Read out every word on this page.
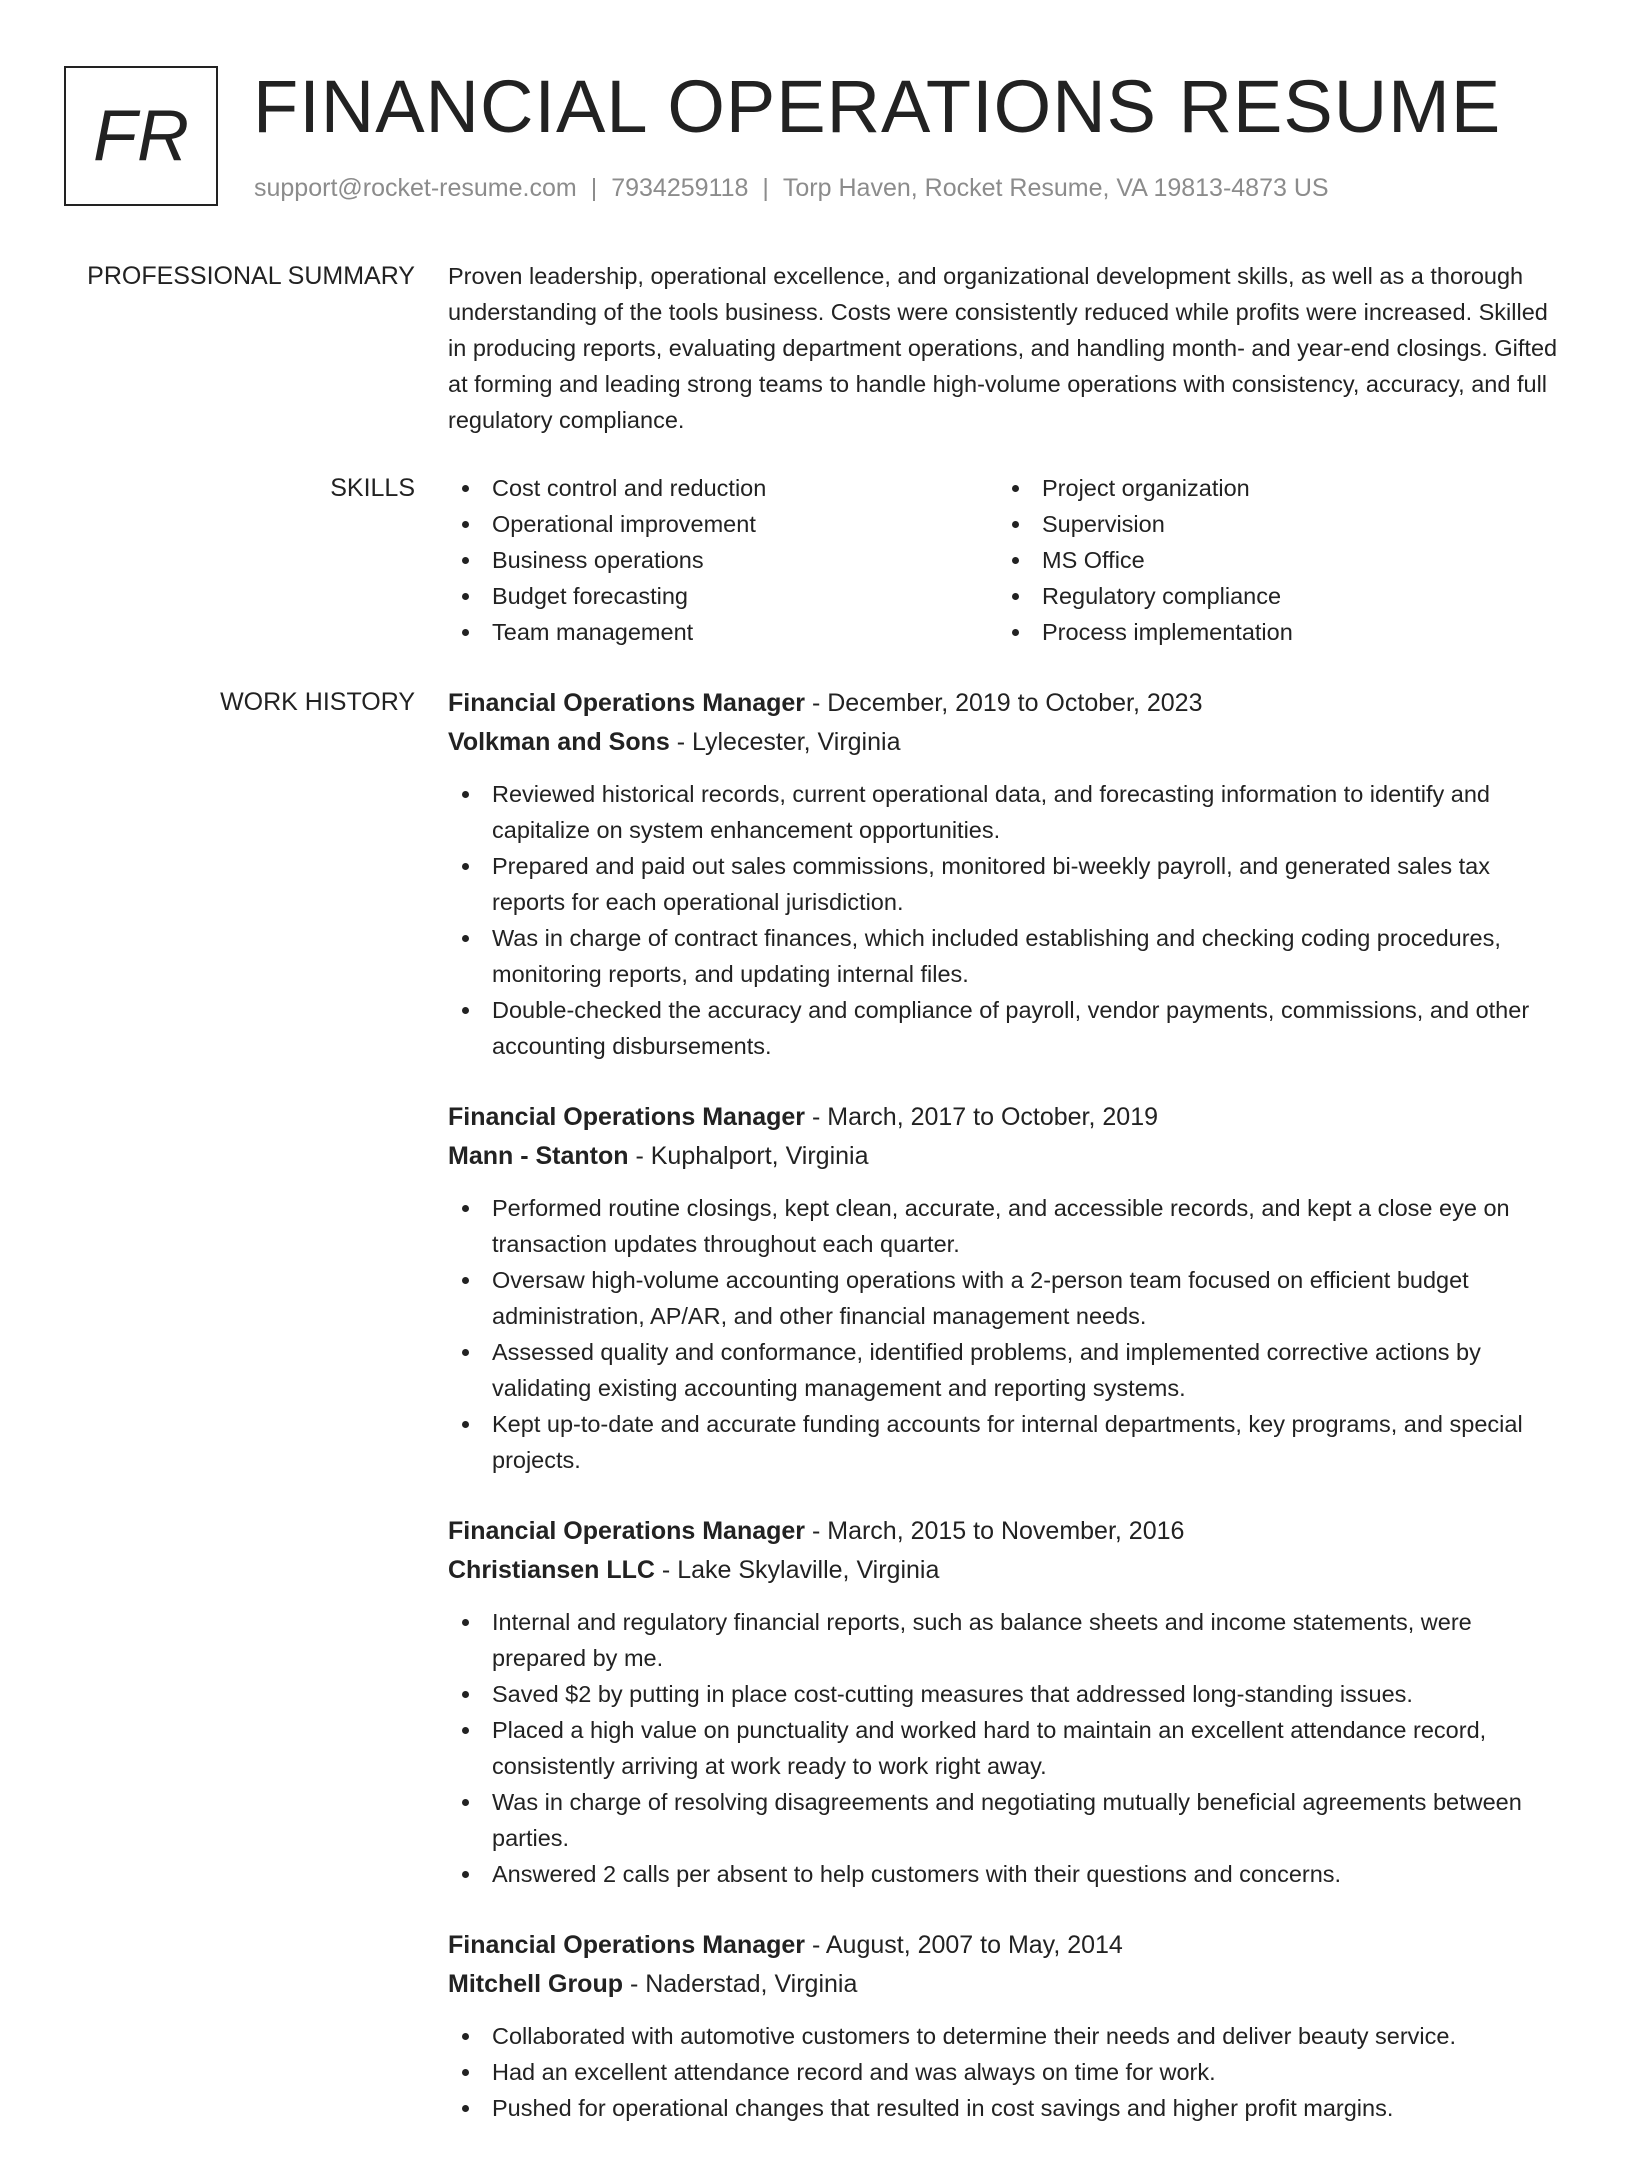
FR FINANCIAL OPERATIONS RESUME
support@rocket-resume.com | 7934259118 | Torp Haven, Rocket Resume, VA 19813-4873 US
PROFESSIONAL SUMMARY Proven leadership, operational excellence, and organizational development skills, as well as a thorough understanding of the tools business. Costs were consistently reduced while profits were increased. Skilled in producing reports, evaluating department operations, and handling month- and year-end closings. Gifted at forming and leading strong teams to handle high-volume operations with consistency, accuracy, and full regulatory compliance.

SKILLS	Cost control and reduction
Operational improvement
Business operations
Budget forecasting
Team management
Project organization
Supervision
MS Office
Regulatory compliance
Process implementation
WORK HISTORY Financial Operations Manager - December, 2019 to October, 2023
Volkman and Sons - Lylecester, Virginia
Reviewed historical records, current operational data, and forecasting information to identify and capitalize on system enhancement opportunities.
Prepared and paid out sales commissions, monitored bi-weekly payroll, and generated sales tax reports for each operational jurisdiction.
Was in charge of contract finances, which included establishing and checking coding procedures, monitoring reports, and updating internal files.
Double-checked the accuracy and compliance of payroll, vendor payments, commissions, and other accounting disbursements.
Financial Operations Manager - March, 2017 to October, 2019
Mann - Stanton - Kuphalport, Virginia
Performed routine closings, kept clean, accurate, and accessible records, and kept a close eye on transaction updates throughout each quarter.
Oversaw high-volume accounting operations with a 2-person team focused on efficient budget administration, AP/AR, and other financial management needs.
Assessed quality and conformance, identified problems, and implemented corrective actions by validating existing accounting management and reporting systems.
Kept up-to-date and accurate funding accounts for internal departments, key programs, and special projects.
Financial Operations Manager - March, 2015 to November, 2016
Christiansen LLC - Lake Skylaville, Virginia
Internal and regulatory financial reports, such as balance sheets and income statements, were prepared by me.
Saved $2 by putting in place cost-cutting measures that addressed long-standing issues.
Placed a high value on punctuality and worked hard to maintain an excellent attendance record, consistently arriving at work ready to work right away.
Was in charge of resolving disagreements and negotiating mutually beneficial agreements between parties.
Answered 2 calls per absent to help customers with their questions and concerns.
Financial Operations Manager - August, 2007 to May, 2014
Mitchell Group - Naderstad, Virginia
Collaborated with automotive customers to determine their needs and deliver beauty service.
Had an excellent attendance record and was always on time for work.
Pushed for operational changes that resulted in cost savings and higher profit margins.
